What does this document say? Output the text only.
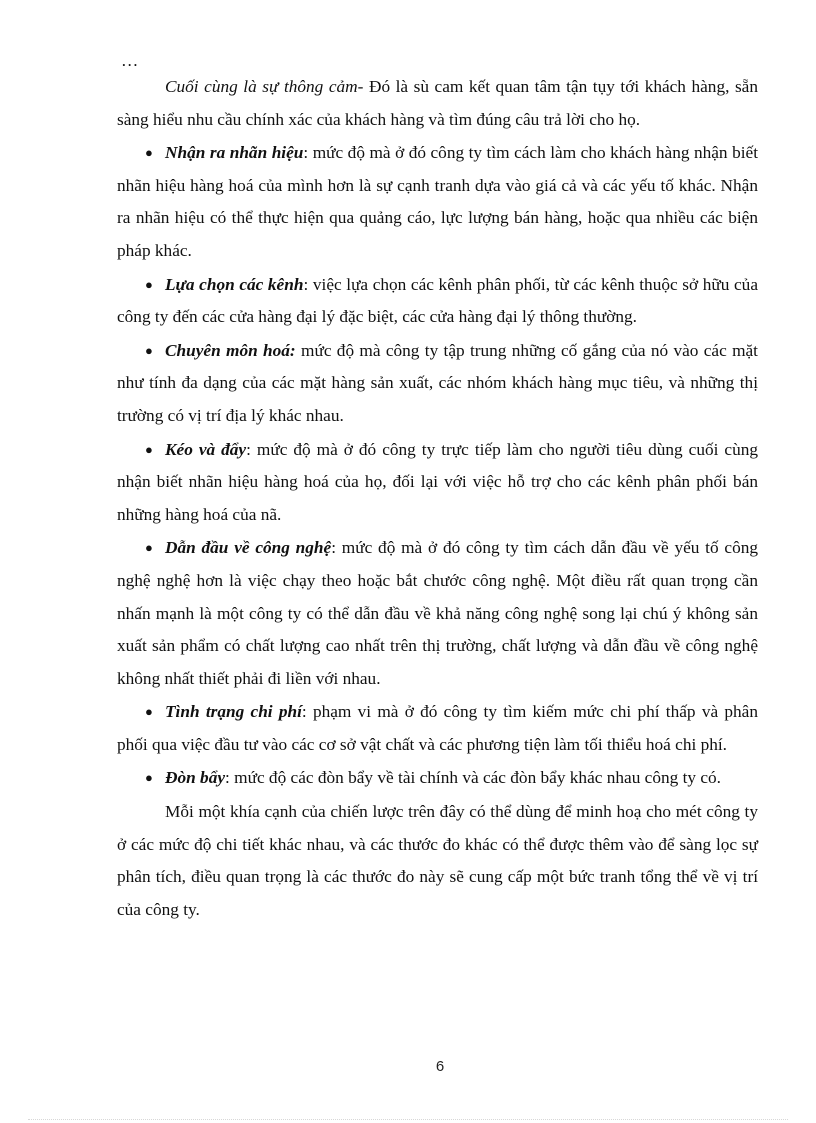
…

Cuối cùng là sự thông cảm- Đó là sù cam kết quan tâm tận tụy tới khách hàng, sẵn sàng hiểu nhu cầu chính xác của khách hàng và tìm đúng câu trả lời cho họ.

● Nhận ra nhãn hiệu: mức độ mà ở đó công ty tìm cách làm cho khách hàng nhận biết nhãn hiệu hàng hoá của mình hơn là sự cạnh tranh dựa vào giá cả và các yếu tố khác. Nhận ra nhãn hiệu có thể thực hiện qua quảng cáo, lực lượng bán hàng, hoặc qua nhiều các biện pháp khác.

● Lựa chọn các kênh: việc lựa chọn các kênh phân phối, từ các kênh thuộc sở hữu của công ty đến các cửa hàng đại lý đặc biệt, các cửa hàng đại lý thông thường.

● Chuyên môn hoá: mức độ mà công ty tập trung những cố gắng của nó vào các mặt như tính đa dạng của các mặt hàng sản xuất, các nhóm khách hàng mục tiêu, và những thị trường có vị trí địa lý khác nhau.

● Kéo và đẩy: mức độ mà ở đó công ty trực tiếp làm cho người tiêu dùng cuối cùng nhận biết nhãn hiệu hàng hoá của họ, đối lại với việc hỗ trợ cho các kênh phân phối bán những hàng hoá của nã.

● Dẫn đầu về công nghệ: mức độ mà ở đó công ty tìm cách dẫn đầu về yếu tố công nghệ nghệ hơn là việc chạy theo hoặc bắt chước công nghệ. Một điều rất quan trọng cần nhấn mạnh là một công ty có thể dẫn đầu về khả năng công nghệ song lại chú ý không sản xuất sản phẩm có chất lượng cao nhất trên thị trường, chất lượng và dẫn đầu về công nghệ không nhất thiết phải đi liền với nhau.

● Tình trạng chi phí: phạm vi mà ở đó công ty tìm kiếm mức chi phí thấp và phân phối qua việc đầu tư vào các cơ sở vật chất và các phương tiện làm tối thiểu hoá chi phí.

● Đòn bẩy: mức độ các đòn bẩy về tài chính và các đòn bẩy khác nhau công ty có.

Mỗi một khía cạnh của chiến lược trên đây có thể dùng để minh hoạ cho mét công ty ở các mức độ chi tiết khác nhau, và các thước đo khác có thể được thêm vào để sàng lọc sự phân tích, điều quan trọng là các thước đo này sẽ cung cấp một bức tranh tổng thể về vị trí của công ty.

6
